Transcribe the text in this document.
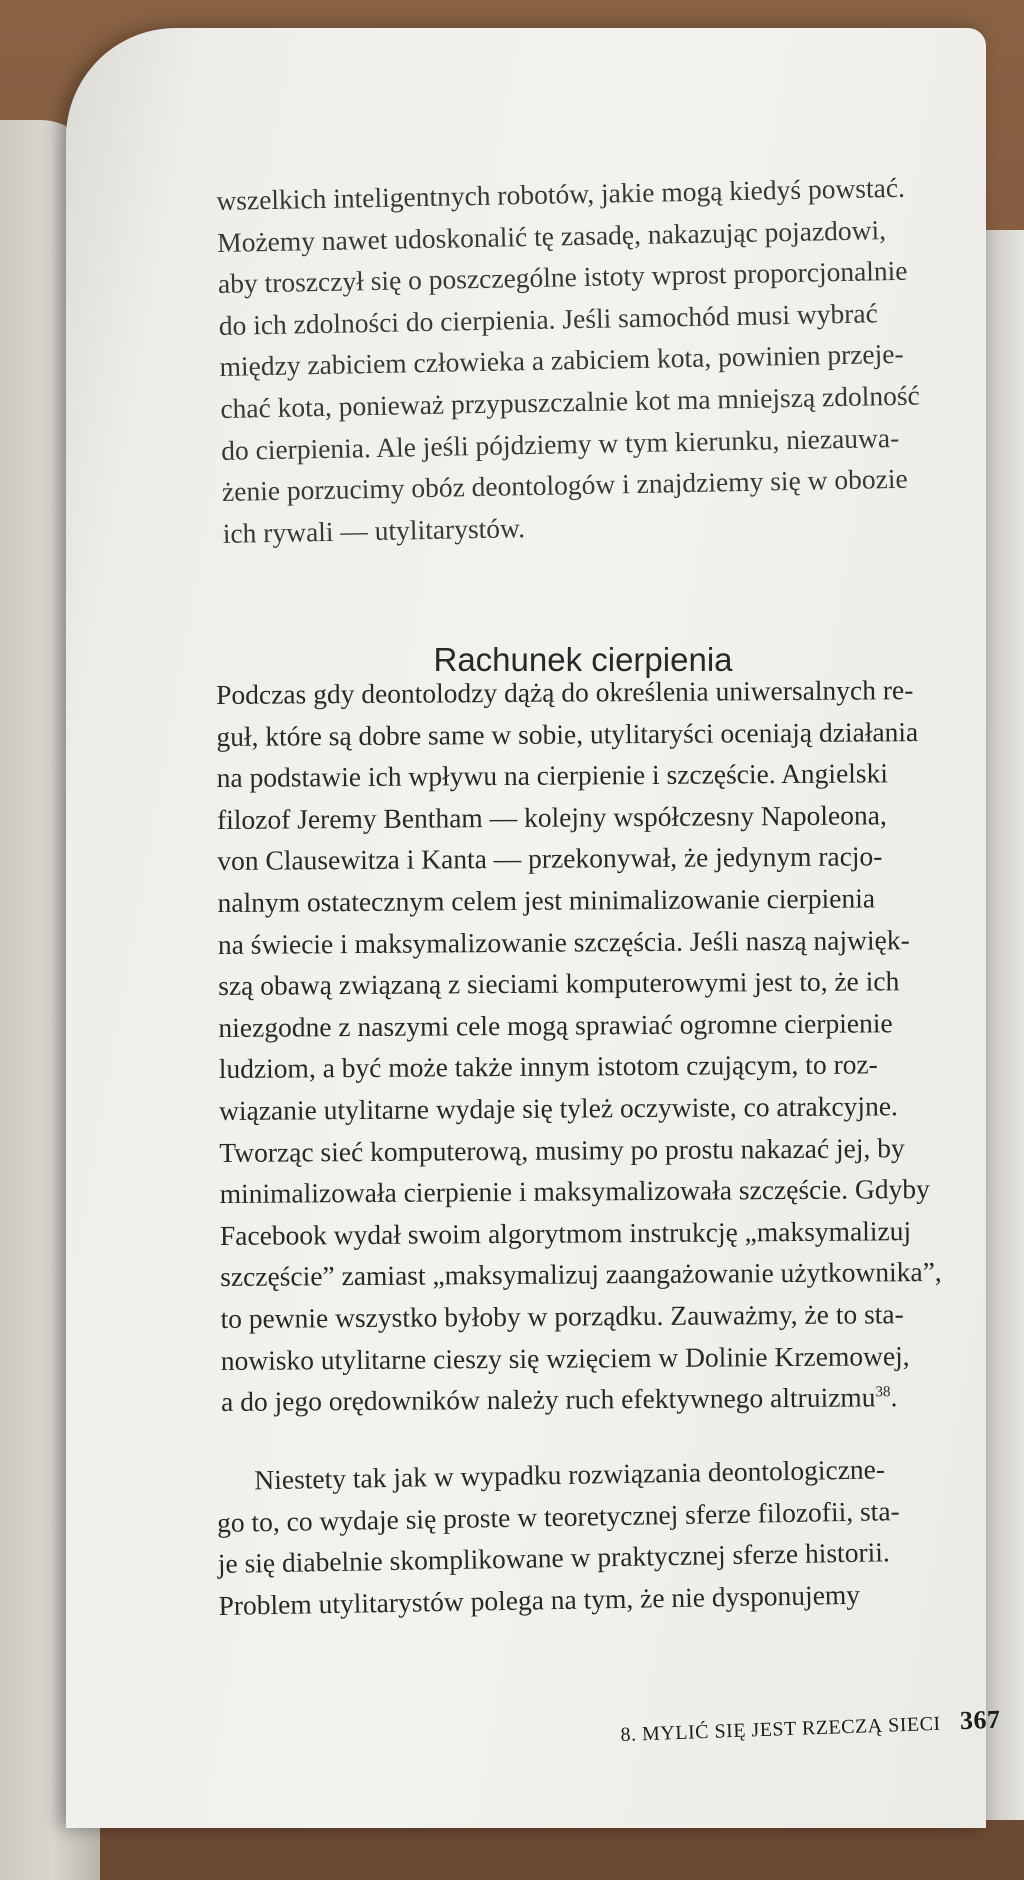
wszelkich inteligentnych robotów, jakie mogą kiedyś powstać.
Możemy nawet udoskonalić tę zasadę, nakazując pojazdowi,
aby troszczył się o poszczególne istoty wprost proporcjonalnie
do ich zdolności do cierpienia. Jeśli samochód musi wybrać
między zabiciem człowieka a zabiciem kota, powinien przeje-
chać kota, ponieważ przypuszczalnie kot ma mniejszą zdolność
do cierpienia. Ale jeśli pójdziemy w tym kierunku, niezauwa-
żenie porzucimy obóz deontologów i znajdziemy się w obozie
ich rywali — utylitarystów.
Rachunek cierpienia
Podczas gdy deontolodzy dążą do określenia uniwersalnych re-
guł, które są dobre same w sobie, utylitaryści oceniają działania
na podstawie ich wpływu na cierpienie i szczęście. Angielski
filozof Jeremy Bentham — kolejny współczesny Napoleona,
von Clausewitza i Kanta — przekonywał, że jedynym racjo-
nalnym ostatecznym celem jest minimalizowanie cierpienia
na świecie i maksymalizowanie szczęścia. Jeśli naszą najwięk-
szą obawą związaną z sieciami komputerowymi jest to, że ich
niezgodne z naszymi cele mogą sprawiać ogromne cierpienie
ludziom, a być może także innym istotom czującym, to roz-
wiązanie utylitarne wydaje się tyleż oczywiste, co atrakcyjne.
Tworząc sieć komputerową, musimy po prostu nakazać jej, by
minimalizowała cierpienie i maksymalizowała szczęście. Gdyby
Facebook wydał swoim algorytmom instrukcję „maksymalizuj
szczęście” zamiast „maksymalizuj zaangażowanie użytkownika”,
to pewnie wszystko byłoby w porządku. Zauważmy, że to sta-
nowisko utylitarne cieszy się wzięciem w Dolinie Krzemowej,
a do jego orędowników należy ruch efektywnego altruizmu$^{38}$.
Niestety tak jak w wypadku rozwiązania deontologiczne-
go to, co wydaje się proste w teoretycznej sferze filozofii, sta-
je się diabelnie skomplikowane w praktycznej sferze historii.
Problem utylitarystów polega na tym, że nie dysponujemy
8. MYLIĆ SIĘ JEST RZECZĄ SIECI 367
